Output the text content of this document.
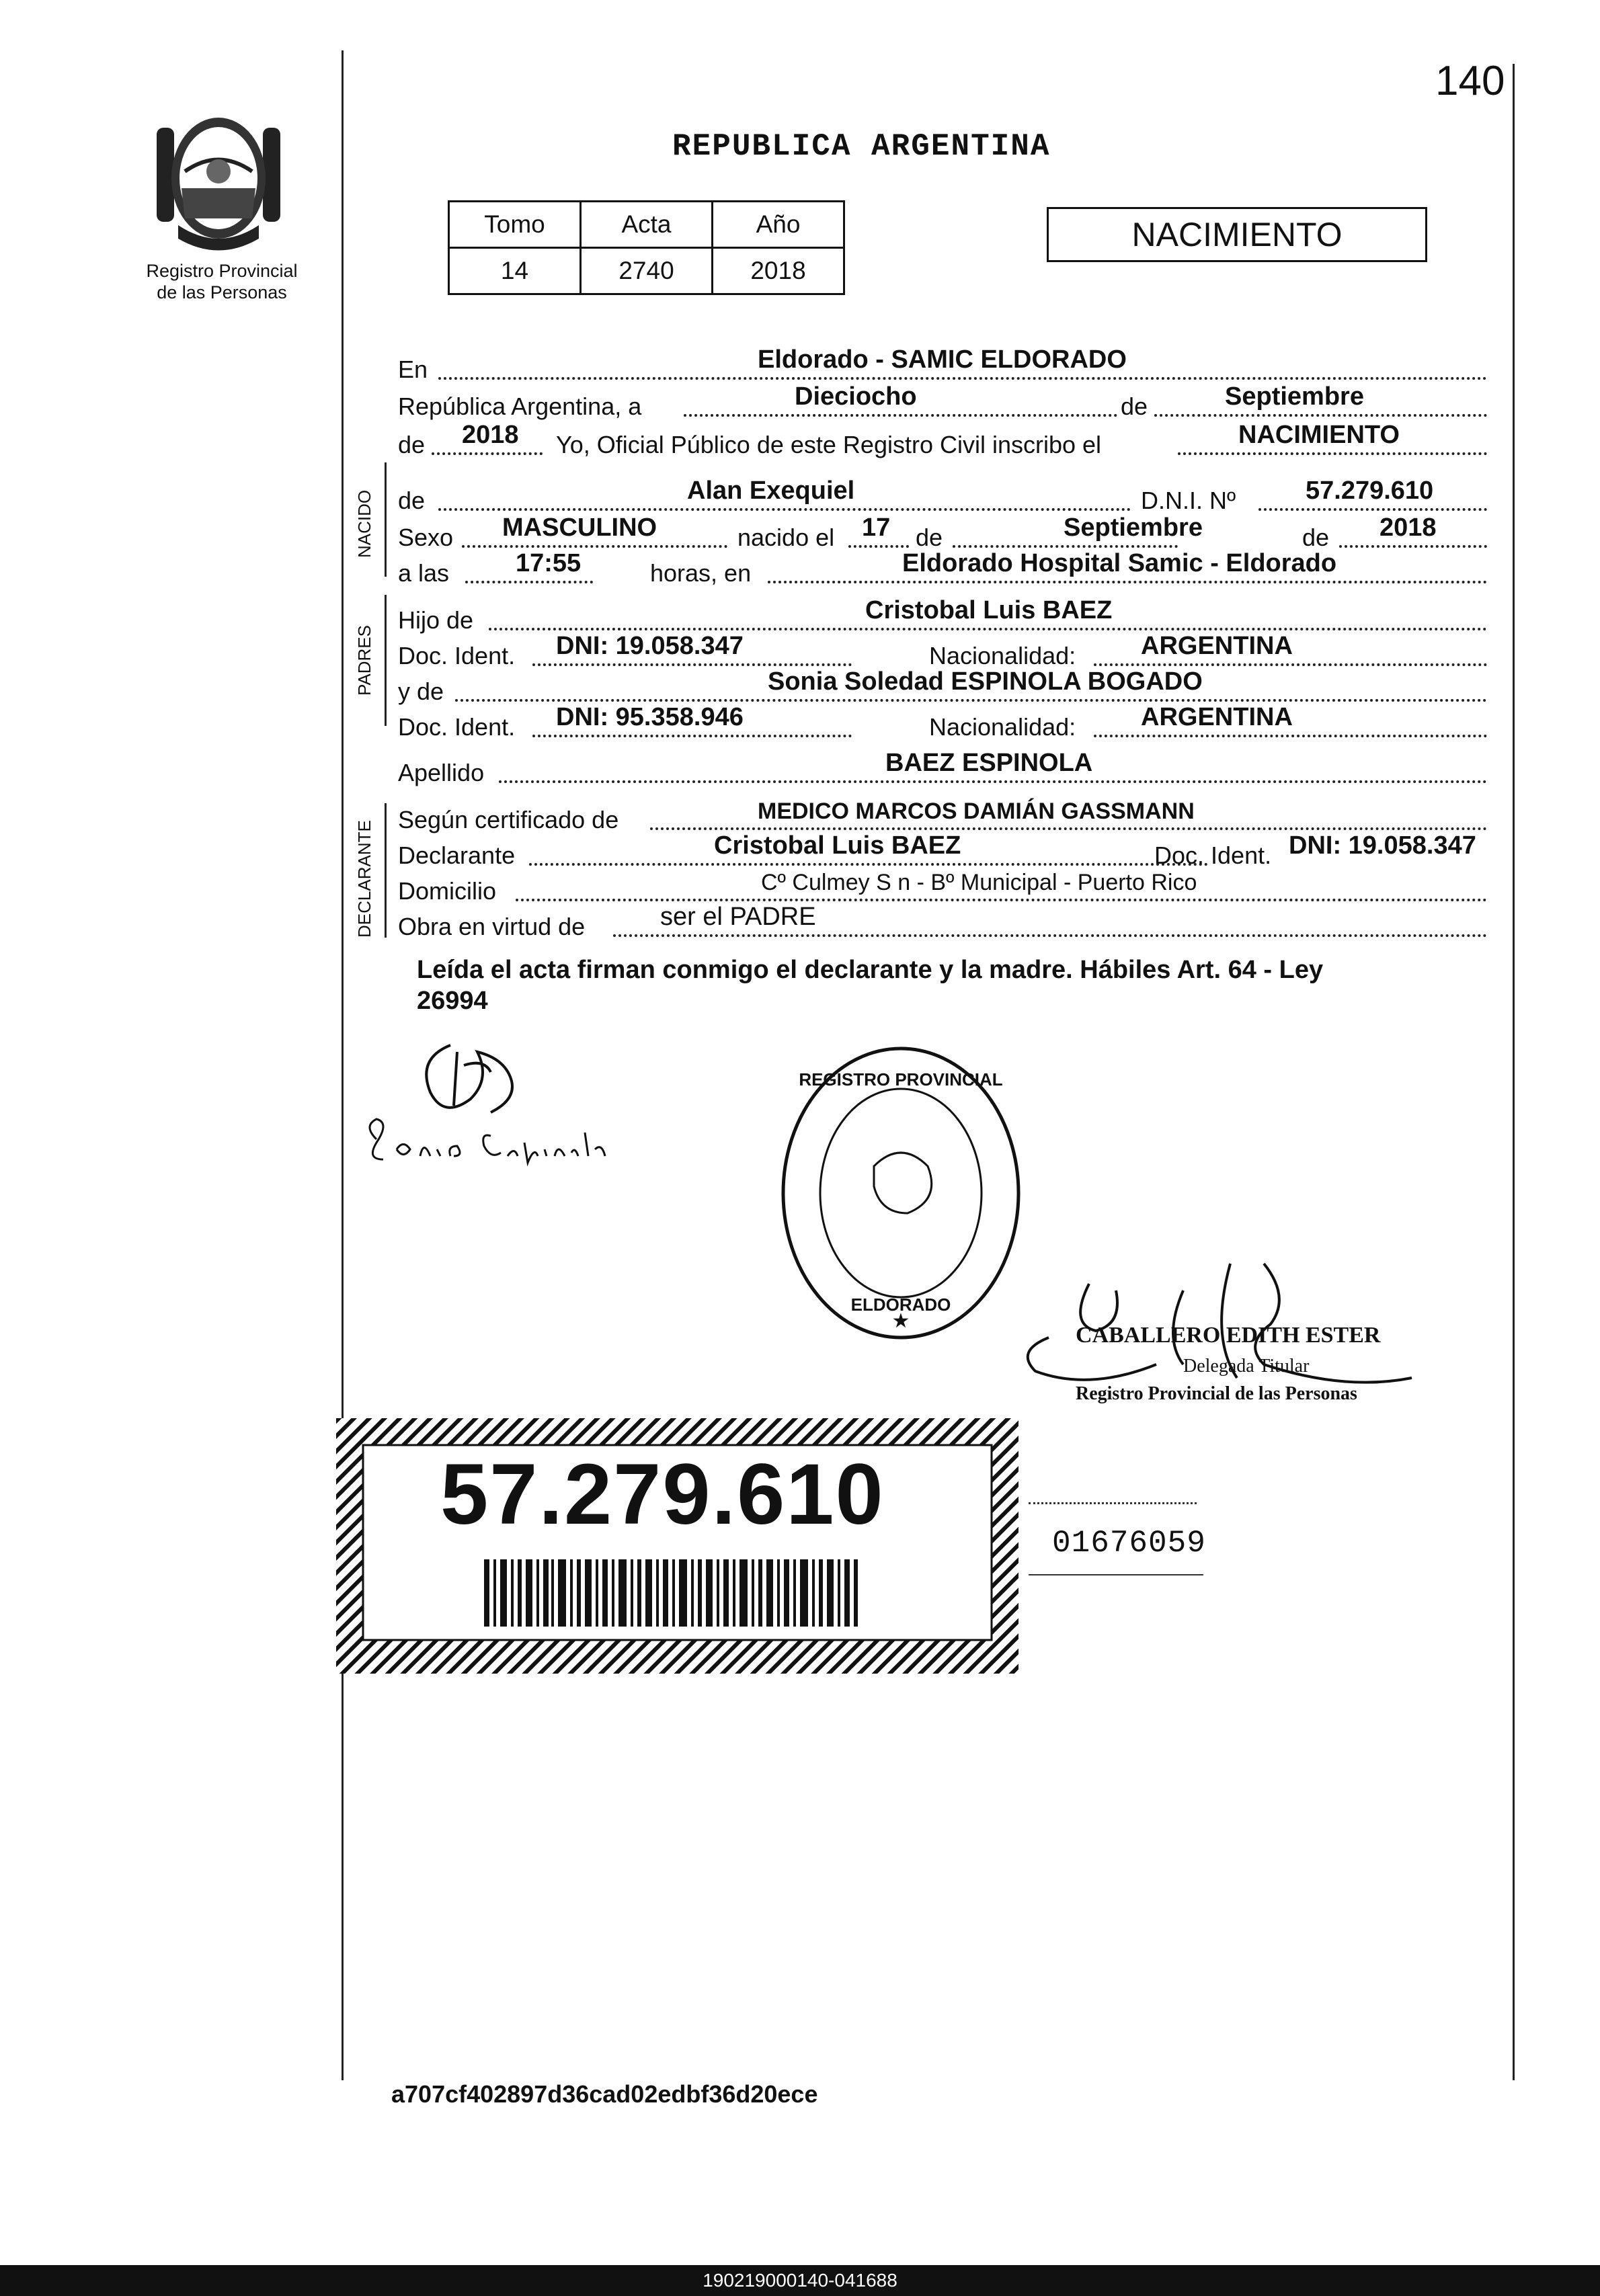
140
Registro Provincial
de las Personas
REPUBLICA ARGENTINA
Tomo	Acta	Año
14	2740	2018
NACIMIENTO
En	Eldorado - SAMIC ELDORADO
República Argentina, a	Dieciocho	de	Septiembre
de 2018 Yo, Oficial Público de este Registro Civil inscribo el	NACIMIENTO
NACIDO de	Alan Exequiel	D.N.I. Nº	57.279.610
Sexo MASCULINO	nacido el 17 de	Septiembre	de 2018
a las	17:55	horas, en	Eldorado Hospital Samic - Eldorado
PADRES
Hijo de	Cristobal Luis BAEZ
Doc. Ident. DNI: 19.058.347	Nacionalidad:	ARGENTINA
y de	Sonia Soledad ESPINOLA BOGADO
Doc. Ident. DNI: 95.358.946	Nacionalidad:	ARGENTINA
Apellido	BAEZ ESPINOLA
DECLARANTE
Según certificado de	MEDICO MARCOS DAMIÁN GASSMANN
Declarante	Cristobal Luis BAEZ	Doc. Ident. DNI: 19.058.347
Domicilio	Cº Culmey S n - Bº Municipal - Puerto Rico
Obra en virtud de	ser el PADRE
Leída el acta firman conmigo el declarante y la madre. Hábiles Art. 64 - Ley
26994
REGISTRO PROVINCIAL
ELDORADO
★
CABALLERO EDITH ESTER
Delegada Titular
Registro Provincial de las Personas
57.279.610
01676059
a707cf402897d36cad02edbf36d20ece
190219000140-041688
